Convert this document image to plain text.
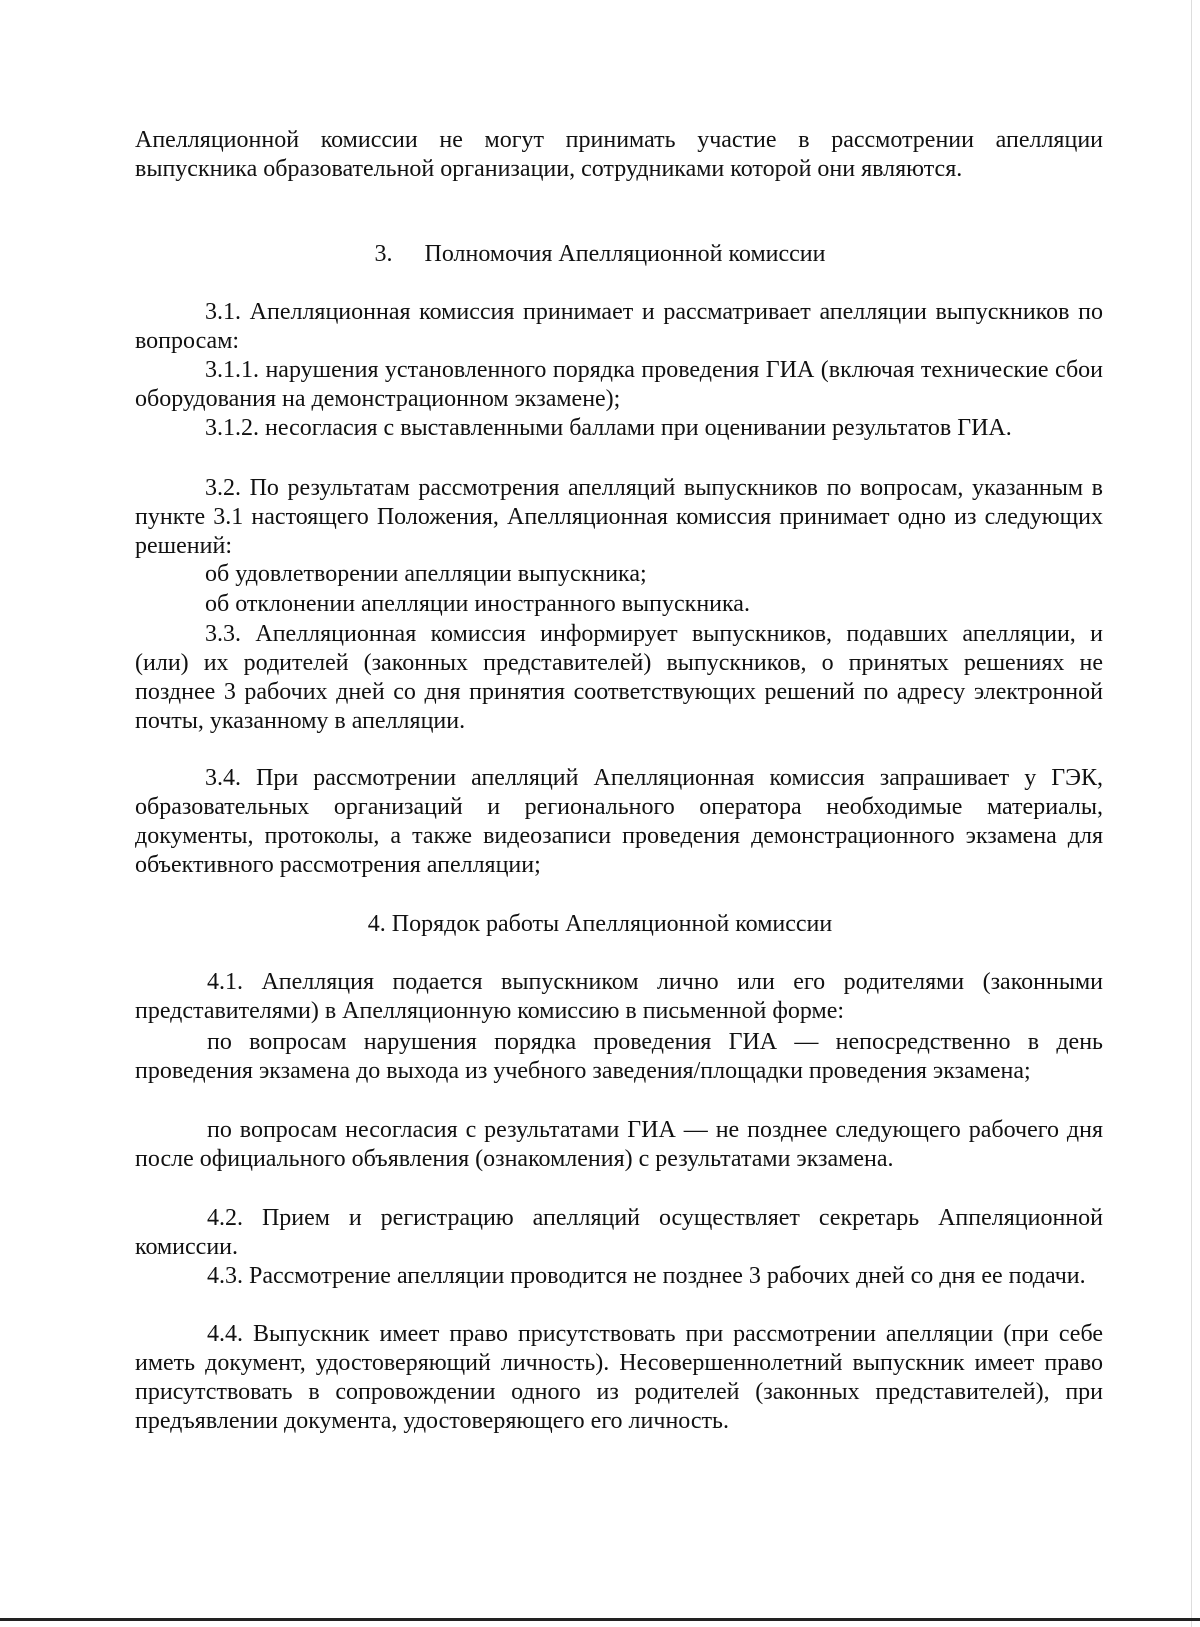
Апелляционной комиссии не могут принимать участие в рассмотрении апелляции выпускника образовательной организации, сотрудниками которой они являются.
3. Полномочия Апелляционной комиссии
3.1. Апелляционная комиссия принимает и рассматривает апелляции выпускников по вопросам:
3.1.1. нарушения установленного порядка проведения ГИА (включая технические сбои оборудования на демонстрационном экзамене);
3.1.2. несогласия с выставленными баллами при оценивании результатов ГИА.
3.2. По результатам рассмотрения апелляций выпускников по вопросам, указанным в пункте 3.1 настоящего Положения, Апелляционная комиссия принимает одно из следующих решений:
об удовлетворении апелляции выпускника;
об отклонении апелляции иностранного выпускника.
3.3. Апелляционная комиссия информирует выпускников, подавших апелляции, и (или) их родителей (законных представителей) выпускников, о принятых решениях не позднее 3 рабочих дней со дня принятия соответствующих решений по адресу электронной почты, указанному в апелляции.
3.4. При рассмотрении апелляций Апелляционная комиссия запрашивает у ГЭК, образовательных организаций и регионального оператора необходимые материалы, документы, протоколы, а также видеозаписи проведения демонстрационного экзамена для объективного рассмотрения апелляции;
4. Порядок работы Апелляционной комиссии
4.1. Апелляция подается выпускником лично или его родителями (законными представителями) в Апелляционную комиссию в письменной форме:
по вопросам нарушения порядка проведения ГИА — непосредственно в день проведения экзамена до выхода из учебного заведения/площадки проведения экзамена;
по вопросам несогласия с результатами ГИА — не позднее следующего рабочего дня после официального объявления (ознакомления) с результатами экзамена.
4.2. Прием и регистрацию апелляций осуществляет секретарь Аппеляционной комиссии.
4.3. Рассмотрение апелляции проводится не позднее 3 рабочих дней со дня ее подачи.
4.4. Выпускник имеет право присутствовать при рассмотрении апелляции (при себе иметь документ, удостоверяющий личность). Несовершеннолетний выпускник имеет право присутствовать в сопровождении одного из родителей (законных представителей), при предъявлении документа, удостоверяющего его личность.
